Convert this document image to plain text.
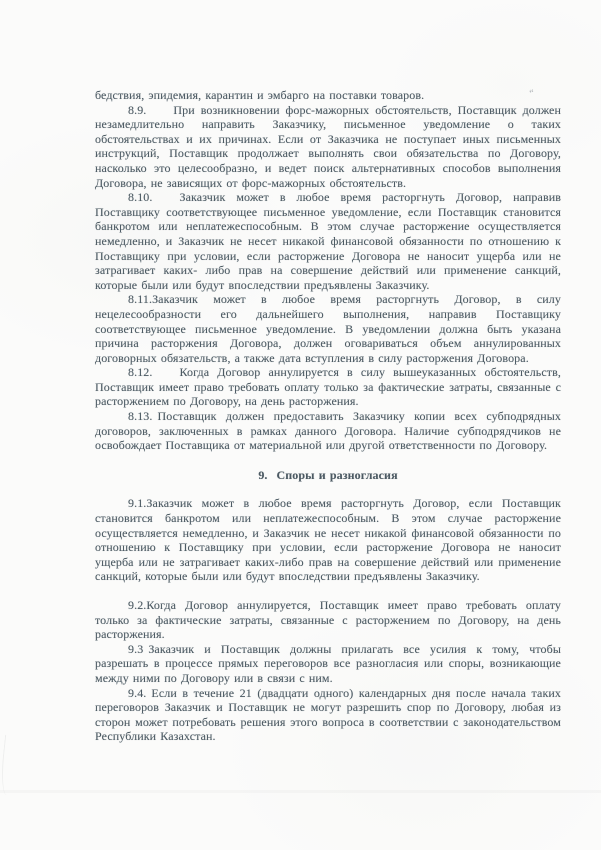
“

бедствия, эпидемия, карантин и эмбарго на поставки товаров.

8.9. При возникновении форс-мажорных обстоятельств, Поставщик должен незамедлительно направить Заказчику, письменное уведомление о таких обстоятельствах и их причинах. Если от Заказчика не поступает иных письменных инструкций, Поставщик продолжает выполнять свои обязательства по Договору, насколько это целесообразно, и ведет поиск альтернативных способов выполнения Договора, не зависящих от форс-мажорных обстоятельств.

8.10. Заказчик может в любое время расторгнуть Договор, направив Поставщику соответствующее письменное уведомление, если Поставщик становится банкротом или неплатежеспособным. В этом случае расторжение осуществляется немедленно, и Заказчик не несет никакой финансовой обязанности по отношению к Поставщику при условии, если расторжение Договора не наносит ущерба или не затрагивает каких- либо прав на совершение действий или применение санкций, которые были или будут впоследствии предъявлены Заказчику.

8.11.Заказчик может в любое время расторгнуть Договор, в силу нецелесообразности его дальнейшего выполнения, направив Поставщику соответствующее письменное уведомление. В уведомлении должна быть указана причина расторжения Договора, должен оговариваться объем аннулированных договорных обязательств, а также дата вступления в силу расторжения Договора.

8.12. Когда Договор аннулируется в силу вышеуказанных обстоятельств, Поставщик имеет право требовать оплату только за фактические затраты, связанные с расторжением по Договору, на день расторжения.

8.13. Поставщик должен предоставить Заказчику копии всех субподрядных договоров, заключенных в рамках данного Договора. Наличие субподрядчиков не освобождает Поставщика от материальной или другой ответственности по Договору.

9. Споры и разногласия

9.1.Заказчик может в любое время расторгнуть Договор, если Поставщик становится банкротом или неплатежеспособным. В этом случае расторжение осуществляется немедленно, и Заказчик не несет никакой финансовой обязанности по отношению к Поставщику при условии, если расторжение Договора не наносит ущерба или не затрагивает каких-либо прав на совершение действий или применение санкций, которые были или будут впоследствии предъявлены Заказчику.

9.2.Когда Договор аннулируется, Поставщик имеет право требовать оплату только за фактические затраты, связанные с расторжением по Договору, на день расторжения.

9.3 Заказчик и Поставщик должны прилагать все усилия к тому, чтобы разрешать в процессе прямых переговоров все разногласия или споры, возникающие между ними по Договору или в связи с ним.

9.4. Если в течение 21 (двадцати одного) календарных дня после начала таких переговоров Заказчик и Поставщик не могут разрешить спор по Договору, любая из сторон может потребовать решения этого вопроса в соответствии с законодательством Республики Казахстан.
